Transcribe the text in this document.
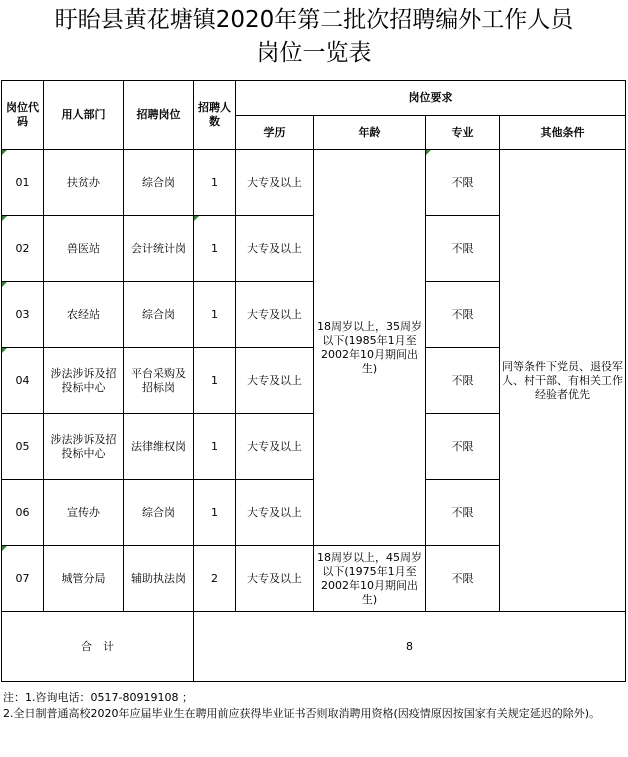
盱眙县黄花塘镇2020年第二批次招聘编外工作人员
岗位一览表
岗位代码	用人部门	招聘岗位	招聘人数	岗位要求			
				学历	年龄	专业	其他条件
01	扶贫办	综合岗	1	大专及以上	18周岁以上，35周岁以下(1985年1月至2002年10月期间出生)	不限	同等条件下党员、退役军人、村干部、有相关工作经验者优先
02	兽医站	会计统计岗	1	大专及以上		不限	
03	农经站	综合岗	1	大专及以上		不限	
04	涉法涉诉及招投标中心	平台采购及招标岗	1	大专及以上		不限	
05	涉法涉诉及招投标中心	法律维权岗	1	大专及以上		不限	
06	宣传办	综合岗	1	大专及以上		不限	
07	城管分局	辅助执法岗	2	大专及以上	18周岁以上，45周岁以下(1975年1月至2002年10月期间出生)	不限	
合　计			8				
注：1.咨询电话：0517-80919108 ；
2.全日制普通高校2020年应届毕业生在聘用前应获得毕业证书否则取消聘用资格(因疫情原因按国家有关规定延迟的除外)。
